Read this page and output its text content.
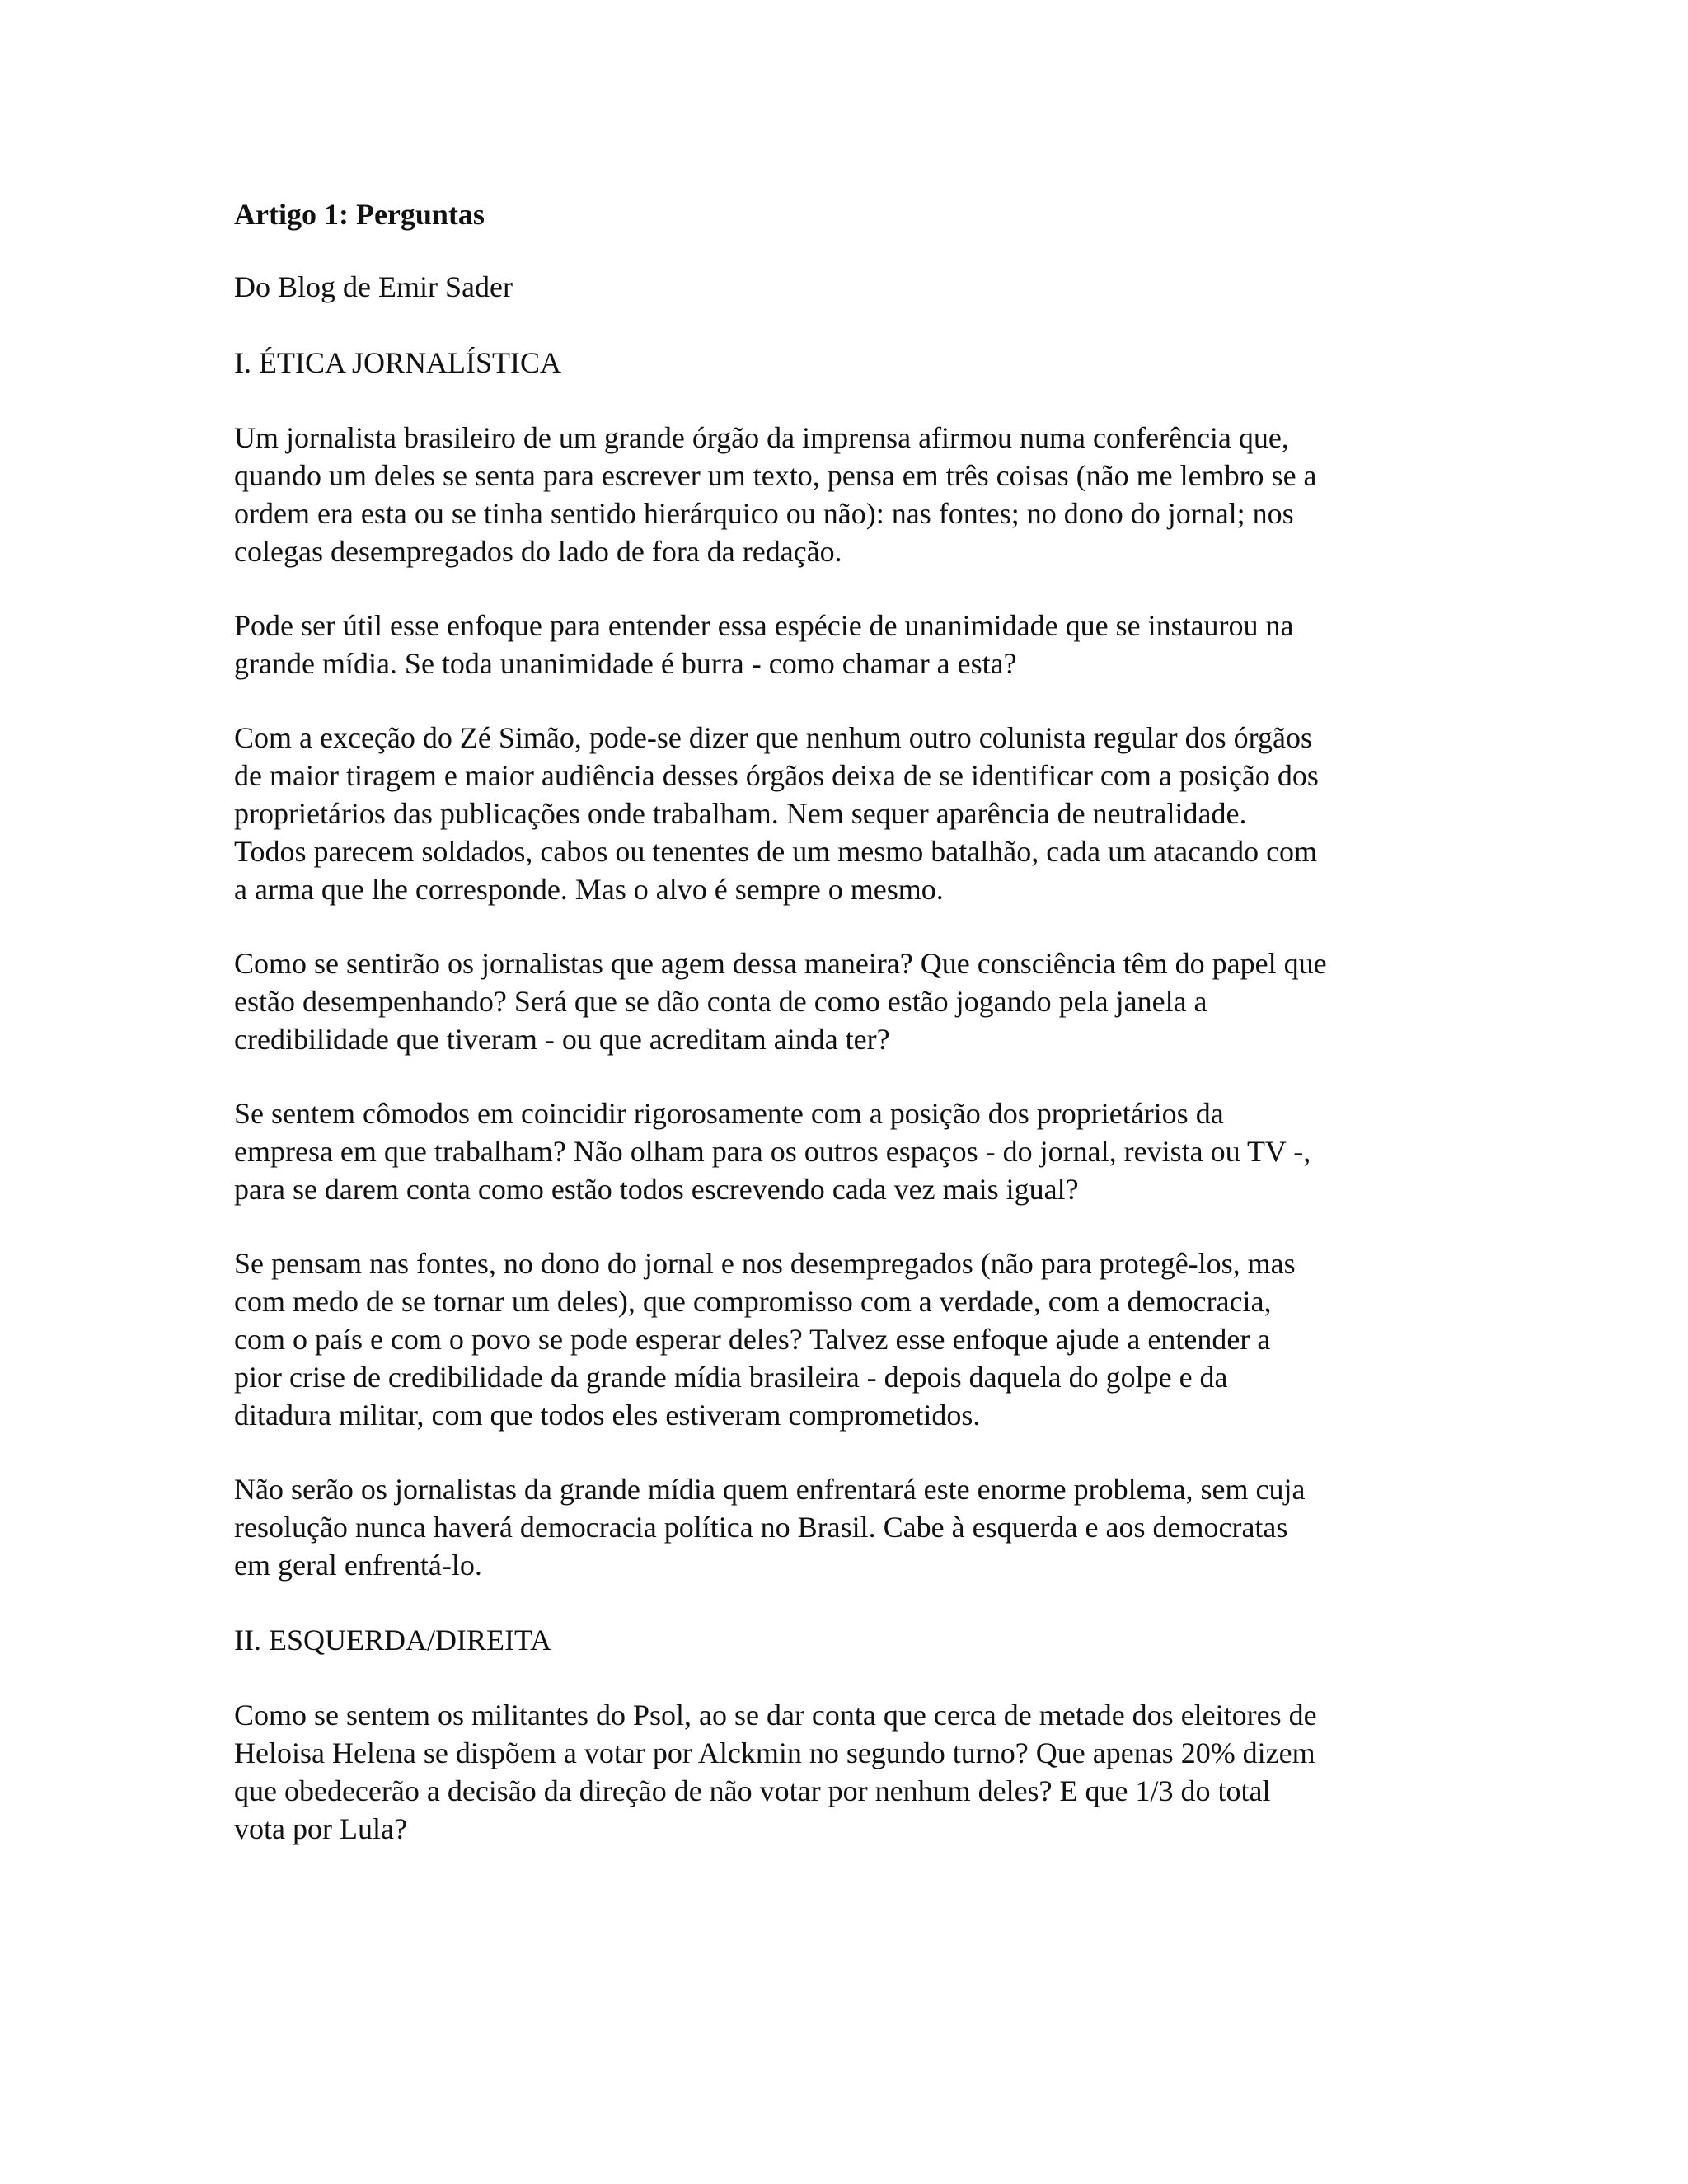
Artigo 1: Perguntas
Do Blog de Emir Sader
I. ÉTICA JORNALÍSTICA
Um jornalista brasileiro de um grande órgão da imprensa afirmou numa conferência que,
quando um deles se senta para escrever um texto, pensa em três coisas (não me lembro se a
ordem era esta ou se tinha sentido hierárquico ou não): nas fontes; no dono do jornal; nos
colegas desempregados do lado de fora da redação.
Pode ser útil esse enfoque para entender essa espécie de unanimidade que se instaurou na
grande mídia. Se toda unanimidade é burra - como chamar a esta?
Com a exceção do Zé Simão, pode-se dizer que nenhum outro colunista regular dos órgãos
de maior tiragem e maior audiência desses órgãos deixa de se identificar com a posição dos
proprietários das publicações onde trabalham. Nem sequer aparência de neutralidade.
Todos parecem soldados, cabos ou tenentes de um mesmo batalhão, cada um atacando com
a arma que lhe corresponde. Mas o alvo é sempre o mesmo.
Como se sentirão os jornalistas que agem dessa maneira? Que consciência têm do papel que
estão desempenhando? Será que se dão conta de como estão jogando pela janela a
credibilidade que tiveram - ou que acreditam ainda ter?
Se sentem cômodos em coincidir rigorosamente com a posição dos proprietários da
empresa em que trabalham? Não olham para os outros espaços - do jornal, revista ou TV -,
para se darem conta como estão todos escrevendo cada vez mais igual?
Se pensam nas fontes, no dono do jornal e nos desempregados (não para protegê-los, mas
com medo de se tornar um deles), que compromisso com a verdade, com a democracia,
com o país e com o povo se pode esperar deles? Talvez esse enfoque ajude a entender a
pior crise de credibilidade da grande mídia brasileira - depois daquela do golpe e da
ditadura militar, com que todos eles estiveram comprometidos.
Não serão os jornalistas da grande mídia quem enfrentará este enorme problema, sem cuja
resolução nunca haverá democracia política no Brasil. Cabe à esquerda e aos democratas
em geral enfrentá-lo.
II. ESQUERDA/DIREITA
Como se sentem os militantes do Psol, ao se dar conta que cerca de metade dos eleitores de
Heloisa Helena se dispõem a votar por Alckmin no segundo turno? Que apenas 20% dizem
que obedecerão a decisão da direção de não votar por nenhum deles? E que 1/3 do total
vota por Lula?
